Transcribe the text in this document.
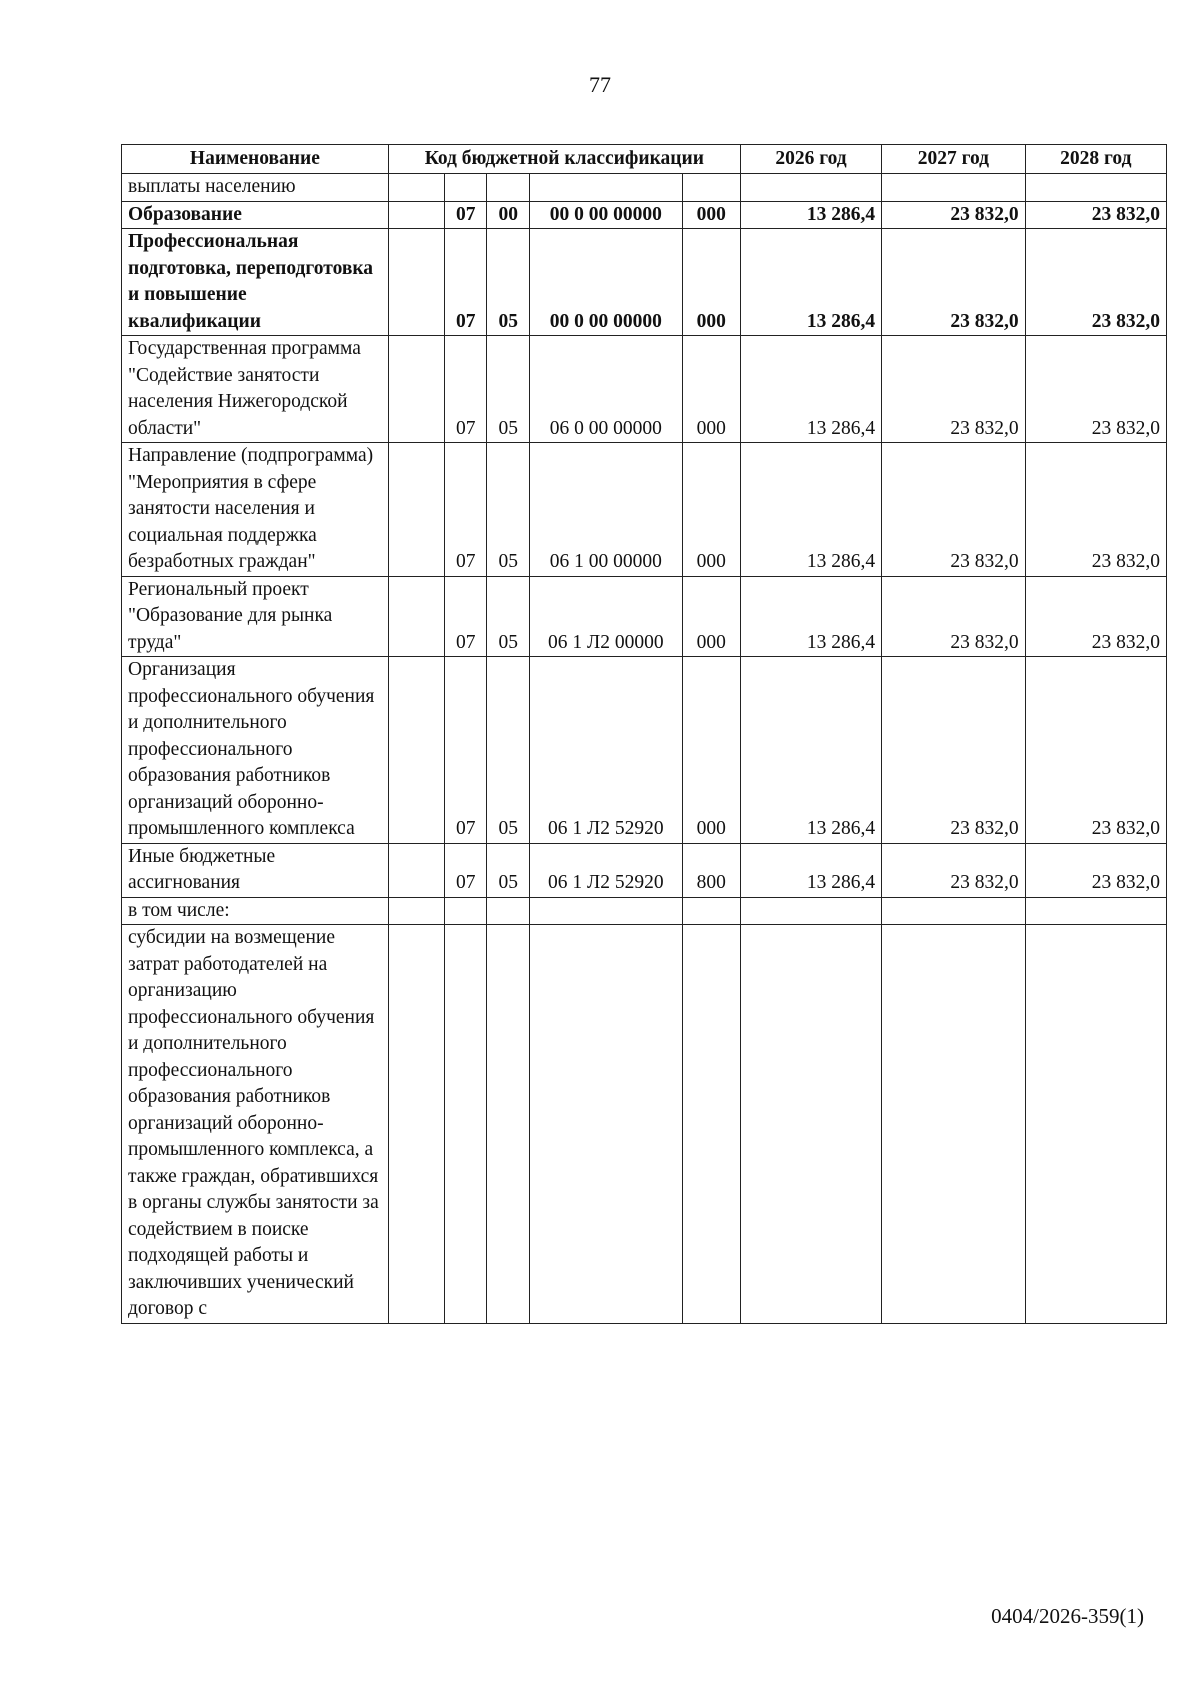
77
Наименование	Код бюджетной классификации					2026 год	2027 год	2028 год
выплаты населению								
Образование		07	00	00 0 00 00000	000	13 286,4	23 832,0	23 832,0
Профессиональная подготовка, переподготовка и повышение квалификации		07	05	00 0 00 00000	000	13 286,4	23 832,0	23 832,0
Государственная программа "Содействие занятости населения Нижегородской области"		07	05	06 0 00 00000	000	13 286,4	23 832,0	23 832,0
Направление (подпрограмма) "Мероприятия в сфере занятости населения и социальная поддержка безработных граждан"		07	05	06 1 00 00000	000	13 286,4	23 832,0	23 832,0
Региональный проект "Образование для рынка труда"		07	05	06 1 Л2 00000	000	13 286,4	23 832,0	23 832,0
Организация профессионального обучения и дополнительного профессионального образования работников организаций оборонно-промышленного комплекса		07	05	06 1 Л2 52920	000	13 286,4	23 832,0	23 832,0
Иные бюджетные ассигнования		07	05	06 1 Л2 52920	800	13 286,4	23 832,0	23 832,0
в том числе:								
субсидии на возмещение затрат работодателей на организацию профессионального обучения и дополнительного профессионального образования работников организаций оборонно-промышленного комплекса, а также граждан, обратившихся в органы службы занятости за содействием в поиске подходящей работы и заключивших ученический договор с								
0404/2026-359(1)
